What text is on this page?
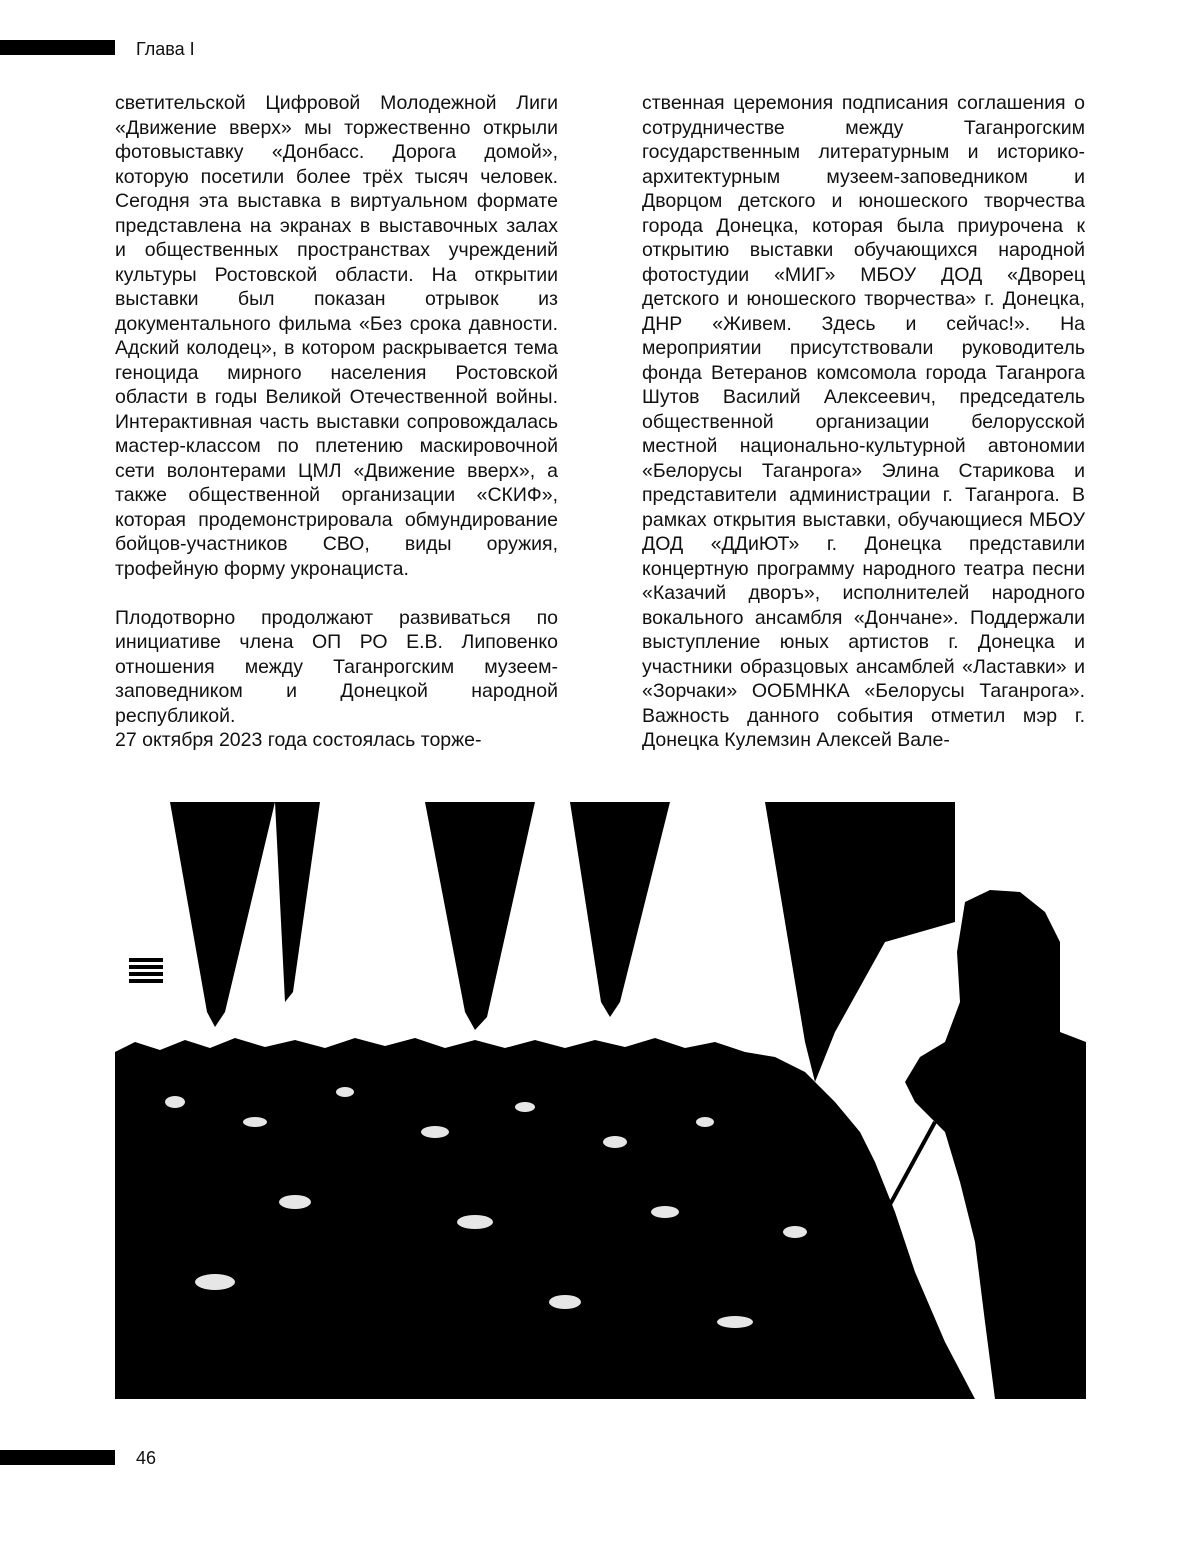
Глава I

светительской Цифровой Молодежной Лиги «Движение вверх» мы торжественно открыли фотовыставку «Донбасс. Дорога домой», которую посетили более трёх тысяч человек. Сегодня эта выставка в виртуальном формате представлена на экранах в выставочных залах и общественных пространствах учреждений культуры Ростовской области. На открытии выставки был показан отрывок из документального фильма «Без срока давности. Адский колодец», в котором раскрывается тема геноцида мирного населения Ростовской области в годы Великой Отечественной войны. Интерактивная часть выставки сопровождалась мастер-классом по плетению маскировочной сети волонтерами ЦМЛ «Движение вверх», а также общественной организации «СКИФ», которая продемонстрировала обмундирование бойцов-участников СВО, виды оружия, трофейную форму укронациста.

Плодотворно продолжают развиваться по инициативе члена ОП РО Е.В. Липовенко отношения между Таганрогским музеем-заповедником и Донецкой народной республикой.

27 октября 2023 года состоялась торже-

ственная церемония подписания соглашения о сотрудничестве между Таганрогским государственным литературным и историко-архитектурным музеем-заповедником и Дворцом детского и юношеского творчества города Донецка, которая была приурочена к открытию выставки обучающихся народной фотостудии «МИГ» МБОУ ДОД «Дворец детского и юношеского творчества» г. Донецка, ДНР «Живем. Здесь и сейчас!». На мероприятии присутствовали руководитель фонда Ветеранов комсомола города Таганрога Шутов Василий Алексеевич, председатель общественной организации белорусской местной национально-культурной автономии «Белорусы Таганрога» Элина Старикова и представители администрации г. Таганрога. В рамках открытия выставки, обучающиеся МБОУ ДОД «ДДиЮТ» г. Донецка представили концертную программу народного театра песни «Казачий дворъ», исполнителей народного вокального ансамбля «Дончане». Поддержали выступление юных артистов г. Донецка и участники образцовых ансамблей «Ластавки» и «Зорчаки» ООБМНКА «Белорусы Таганрога». Важность данного события отметил мэр г. Донецка Кулемзин Алексей Вале-

46
